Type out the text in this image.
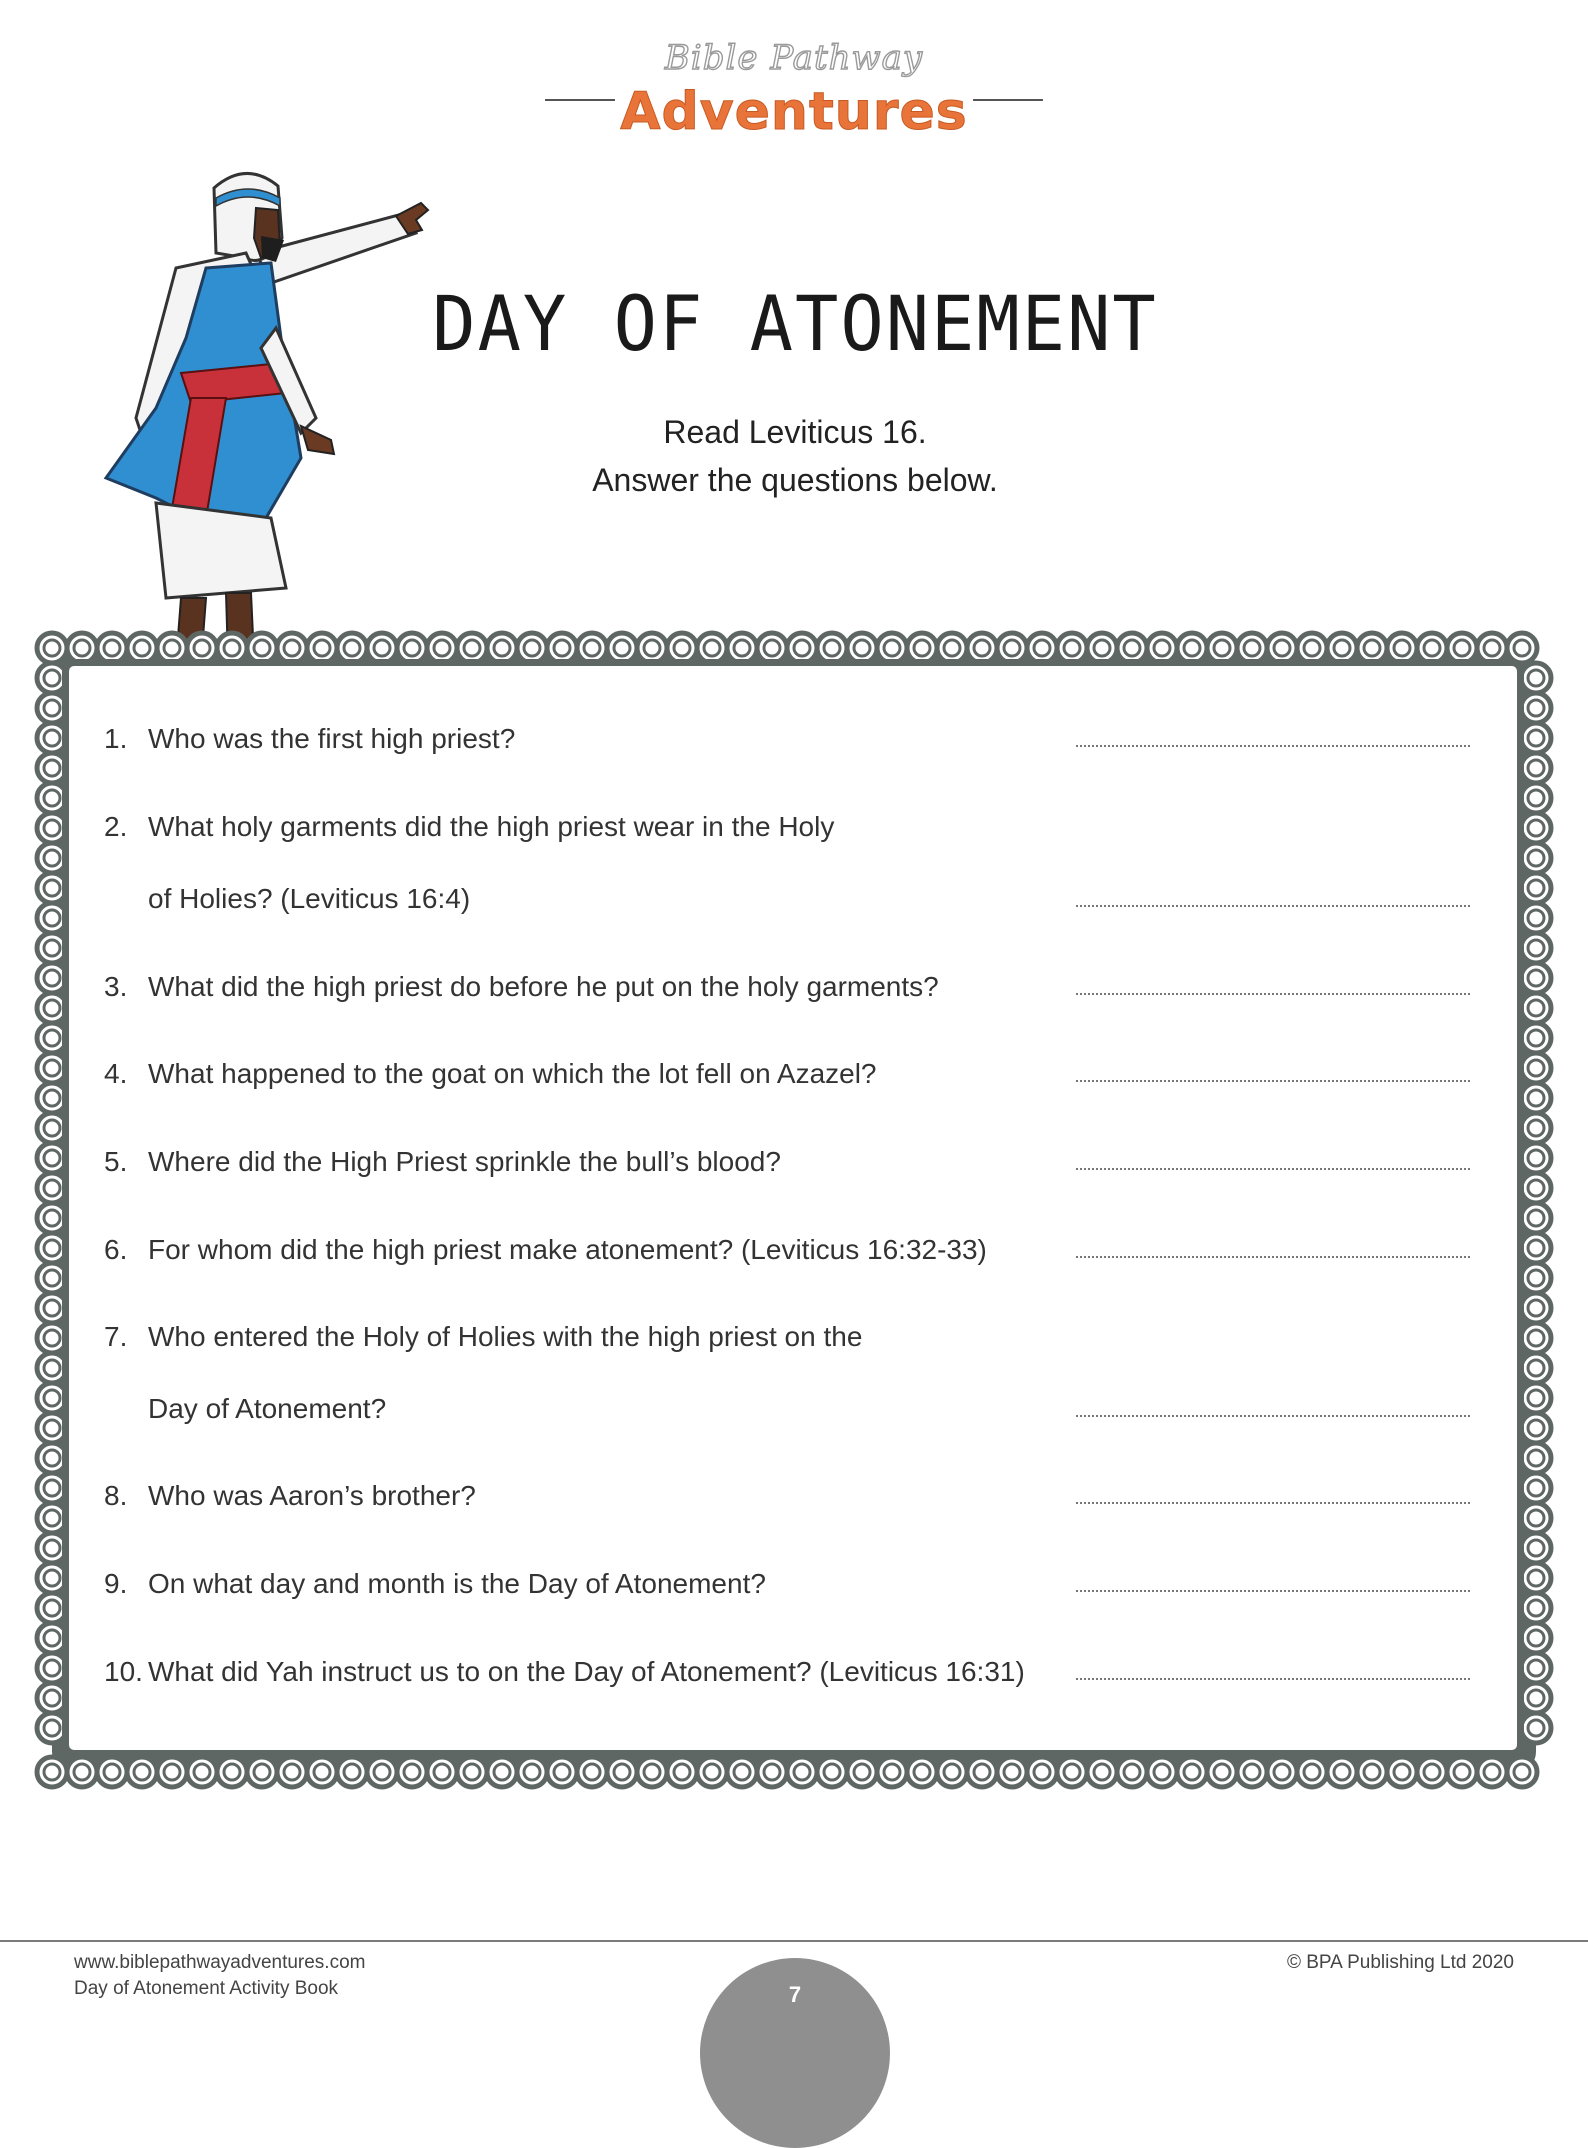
Bible Pathway
Adventures
DAY OF ATONEMENT
Read Leviticus 16.
Answer the questions below.
1. Who was the first high priest?
2. What holy garments did the high priest wear in the Holy
of Holies? (Leviticus 16:4)
3. What did the high priest do before he put on the holy garments?
4. What happened to the goat on which the lot fell on Azazel?
5. Where did the High Priest sprinkle the bull’s blood?
6. For whom did the high priest make atonement? (Leviticus 16:32-33)
7. Who entered the Holy of Holies with the high priest on the
Day of Atonement?
8. Who was Aaron’s brother?
9. On what day and month is the Day of Atonement?
10. What did Yah instruct us to on the Day of Atonement? (Leviticus 16:31)
www.biblepathwayadventures.com
Day of Atonement Activity Book
© BPA Publishing Ltd 2020
7
